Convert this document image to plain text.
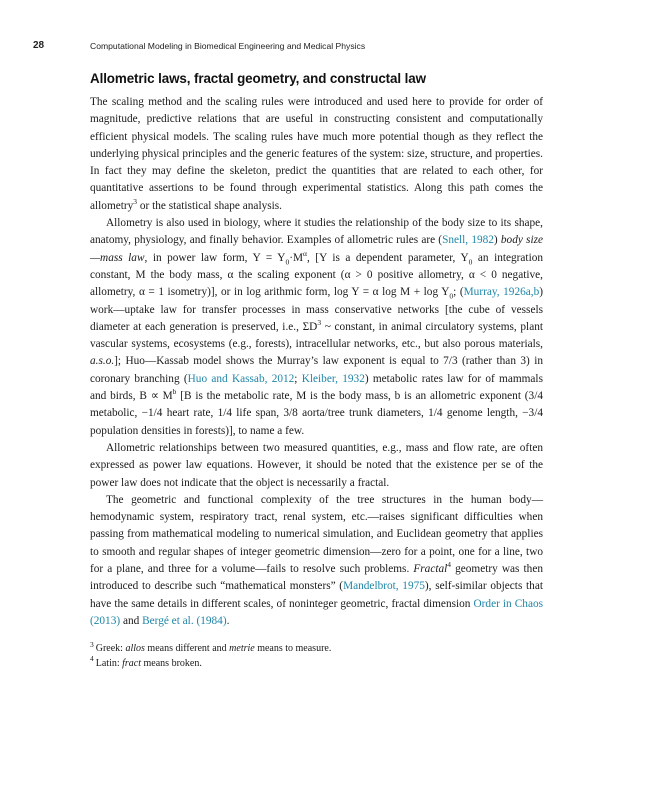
28	Computational Modeling in Biomedical Engineering and Medical Physics
Allometric laws, fractal geometry, and constructal law

The scaling method and the scaling rules were introduced and used here to provide for order of magnitude, predictive relations that are useful in constructing consistent and computationally efficient physical models. The scaling rules have much more potential though as they reflect the underlying physical principles and the generic features of the system: size, structure, and properties. In fact they may define the skeleton, predict the quantities that are related to each other, for quantitative assertions to be found through experimental statistics. Along this path comes the allometry$^3$ or the statistical shape analysis.

Allometry is also used in biology, where it studies the relationship of the body size to its shape, anatomy, physiology, and finally behavior. Examples of allometric rules are (Snell, 1982) body size—mass law, in power law form, $Y = Y_0\cdot M^\alpha$, [Y is a dependent parameter, $Y_0$ an integration constant, M the body mass, α the scaling exponent (α > 0 positive allometry, α < 0 negative, allometry, α = 1 isometry)], or in log arithmic form, log Y = α $\log M + \log Y_0$; (Murray, 1926a,b) work—uptake law for transfer processes in mass conservative networks [the cube of vessels diameter at each generation is preserved, i.e., $\Sigma D^3$ ~ constant, in animal circulatory systems, plant vascular systems, ecosystems (e.g., forests), intracellular networks, etc., but also porous materials, a.s.o.]; Huo—Kassab model shows the Murray’s law exponent is equal to 7/3 (rather than 3) in coronary branching (Huo and Kassab, 2012; Kleiber, 1932) metabolic rates law for of mammals and birds, $B \propto M^b$ [B is the metabolic rate, M is the body mass, b is an allometric exponent (3/4 metabolic, −1/4 heart rate, 1/4 life span, 3/8 aorta/tree trunk diameters, 1/4 genome length, −3/4 population densities in forests)], to name a few.

Allometric relationships between two measured quantities, e.g., mass and flow rate, are often expressed as power law equations. However, it should be noted that the existence per se of the power law does not indicate that the object is necessarily a fractal.

The geometric and functional complexity of the tree structures in the human body—hemodynamic system, respiratory tract, renal system, etc.—raises significant difficulties when passing from mathematical modeling to numerical simulation, and Euclidean geometry that applies to smooth and regular shapes of integer geometric dimension—zero for a point, one for a line, two for a plane, and three for a volume—fails to resolve such problems. Fractal$^4$ geometry was then introduced to describe such “mathematical monsters” (Mandelbrot, 1975), self-similar objects that have the same details in different scales, of noninteger geometric, fractal dimension Order in Chaos (2013) and Bergé et al. (1984).

$^3$ Greek: allos means different and metrie means to measure.

$^4$ Latin: fract means broken.
